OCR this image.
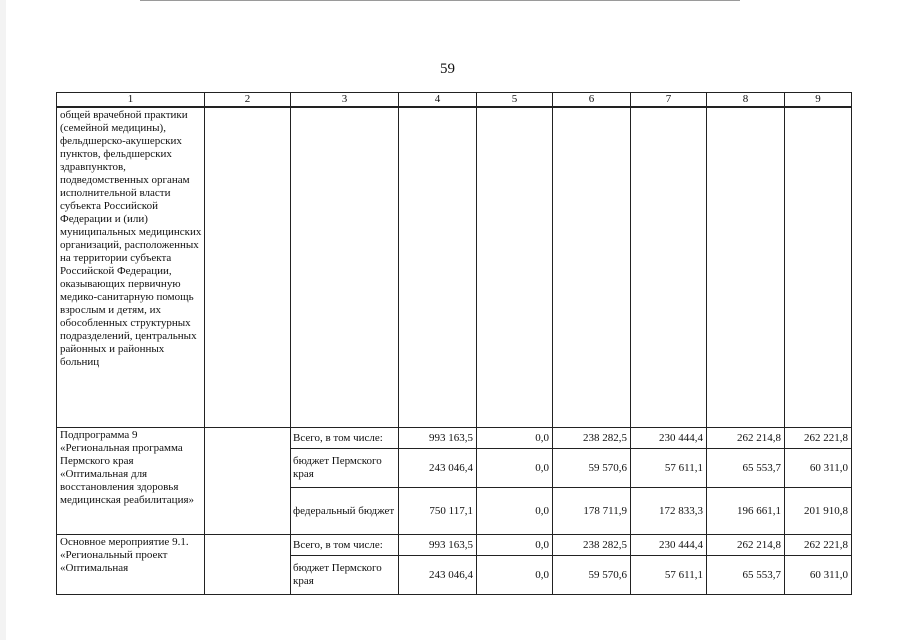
59
1	2	3	4	5	6	7	8	9
общей врачебной практики (семейной медицины), фельдшерско-акушерских пунктов, фельдшерских здравпунктов, подведомственных органам исполнительной власти субъекта Российской Федерации и (или) муниципальных медицинских организаций, расположенных на территории субъекта Российской Федерации, оказывающих первичную медико-санитарную помощь взрослым и детям, их обособленных структурных подразделений, центральных районных и районных больниц								
Подпрограмма 9 «Региональная программа Пермского края «Оптимальная для восстановления здоровья медицинская реабилитация»		Всего, в том числе:	993 163,5	0,0	238 282,5	230 444,4	262 214,8	262 221,8
		бюджет Пермского края	243 046,4	0,0	59 570,6	57 611,1	65 553,7	60 311,0
		федеральный бюджет	750 117,1	0,0	178 711,9	172 833,3	196 661,1	201 910,8
Основное мероприятие 9.1. «Региональный проект «Оптимальная		Всего, в том числе:	993 163,5	0,0	238 282,5	230 444,4	262 214,8	262 221,8
		бюджет Пермского края	243 046,4	0,0	59 570,6	57 611,1	65 553,7	60 311,0
